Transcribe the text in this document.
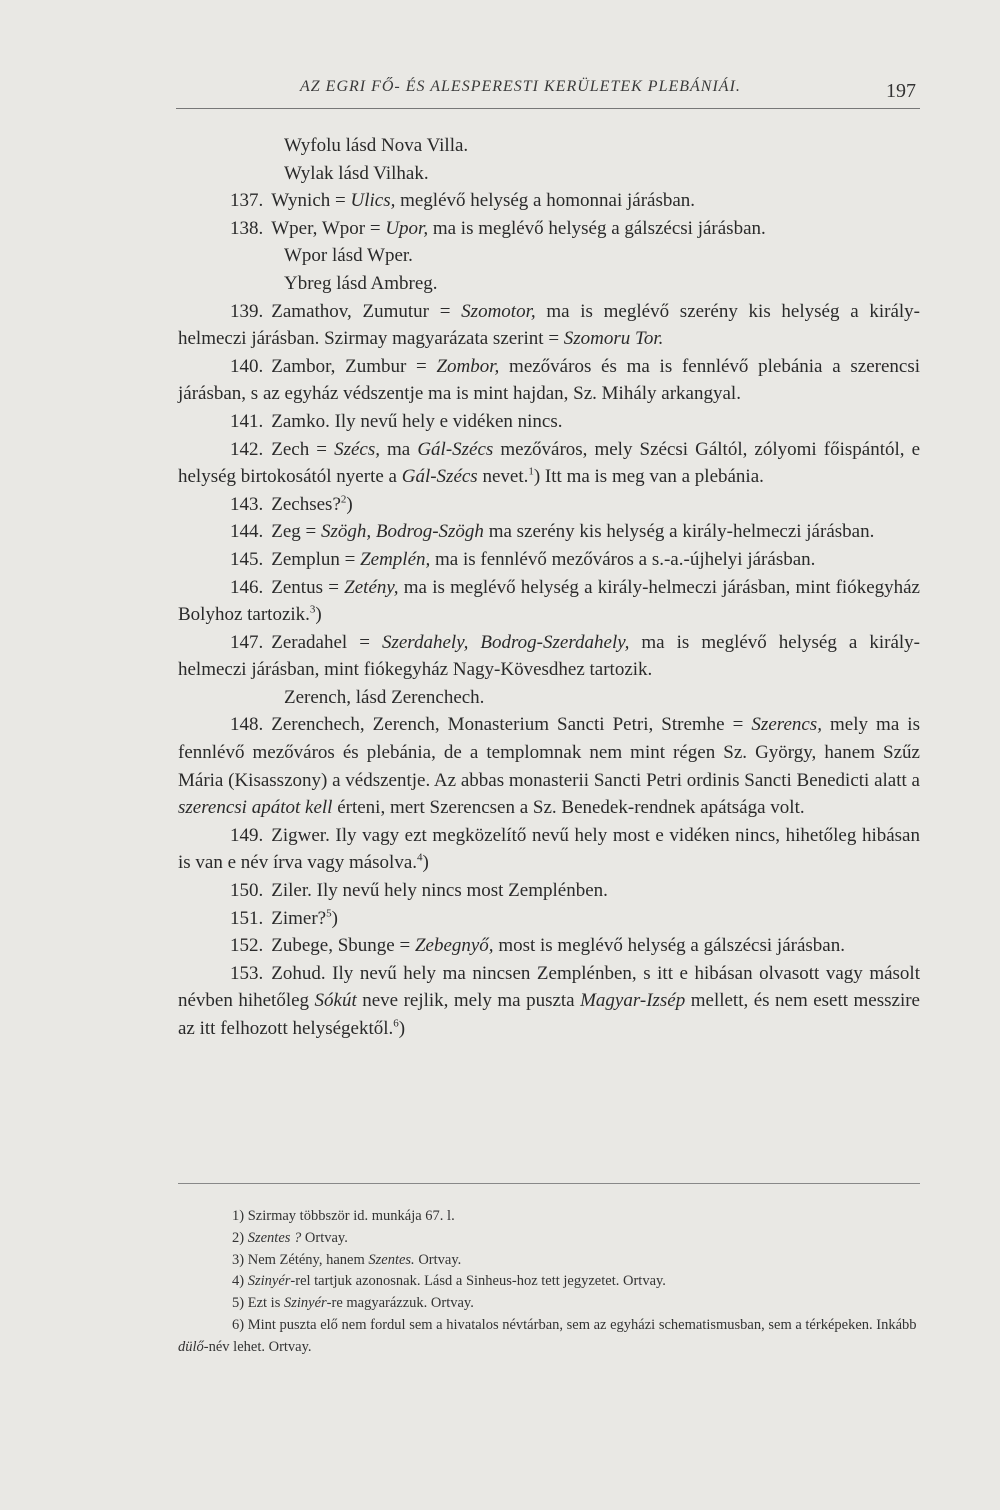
AZ EGRI FŐ- ÉS ALESPERESTI KERÜLETEK PLEBÁNIÁI.	197

Wyfolu lásd Nova Villa.

Wylak lásd Vilhak.

137. Wynich = Ulics, meglévő helység a homonnai járásban.

138. Wper, Wpor = Upor, ma is meglévő helység a gálszécsi járásban.

Wpor lásd Wper.

Ybreg lásd Ambreg.

139. Zamathov, Zumutur = Szomotor, ma is meglévő szerény kis helység a király-helmeczi járásban. Szirmay magyarázata szerint = Szomoru Tor.

140. Zambor, Zumbur = Zombor, mezőváros és ma is fennlévő plebánia a szerencsi járásban, s az egyház védszentje ma is mint hajdan, Sz. Mihály arkangyal.

141. Zamko. Ily nevű hely e vidéken nincs.

142. Zech = Szécs, ma Gál-Szécs mezőváros, mely Szécsi Gáltól, zólyomi főispántól, e helység birtokosától nyerte a Gál-Szécs nevet.$^1$) Itt ma is meg van a plebánia.

143. Zechses?$^2$)

144. Zeg = Szögh, Bodrog-Szögh ma szerény kis helység a király-helmeczi járásban.

145. Zemplun = Zemplén, ma is fennlévő mezőváros a s.-a.-újhelyi járásban.

146. Zentus = Zetény, ma is meglévő helység a király-helmeczi járásban, mint fiókegyház Bolyhoz tartozik.$^3$)

147. Zeradahel = Szerdahely, Bodrog-Szerdahely, ma is meglévő helység a király-helmeczi járásban, mint fiókegyház Nagy-Kövesdhez tartozik.

Zerench, lásd Zerenchech.

148. Zerenchech, Zerench, Monasterium Sancti Petri, Stremhe = Szerencs, mely ma is fennlévő mezőváros és plebánia, de a templomnak nem mint régen Sz. György, hanem Szűz Mária (Kisasszony) a védszentje. Az abbas monasterii Sancti Petri ordinis Sancti Benedicti alatt a szerencsi apátot kell érteni, mert Szerencsen a Sz. Benedek-rendnek apátsága volt.

149. Zigwer. Ily vagy ezt megközelítő nevű hely most e vidéken nincs, hihetőleg hibásan is van e név írva vagy másolva.$^4$)

150. Ziler. Ily nevű hely nincs most Zemplénben.

151. Zimer?$^5$)

152. Zubege, Sbunge = Zebegnyő, most is meglévő helység a gálszécsi járásban.

153. Zohud. Ily nevű hely ma nincsen Zemplénben, s itt e hibásan olvasott vagy másolt névben hihetőleg Sókút neve rejlik, mely ma puszta Magyar-Izsép mellett, és nem esett messzire az itt felhozott helységektől.$^6$)

1) Szirmay többször id. munkája 67. l.

2) Szentes ? Ortvay.

3) Nem Zétény, hanem Szentes. Ortvay.

4) Szinyér-rel tartjuk azonosnak. Lásd a Sinheus-hoz tett jegyzetet. Ortvay.

5) Ezt is Szinyér-re magyarázzuk. Ortvay.

6) Mint puszta elő nem fordul sem a hivatalos névtárban, sem az egyházi schematismusban, sem a térképeken. Inkább dülő-név lehet. Ortvay.
